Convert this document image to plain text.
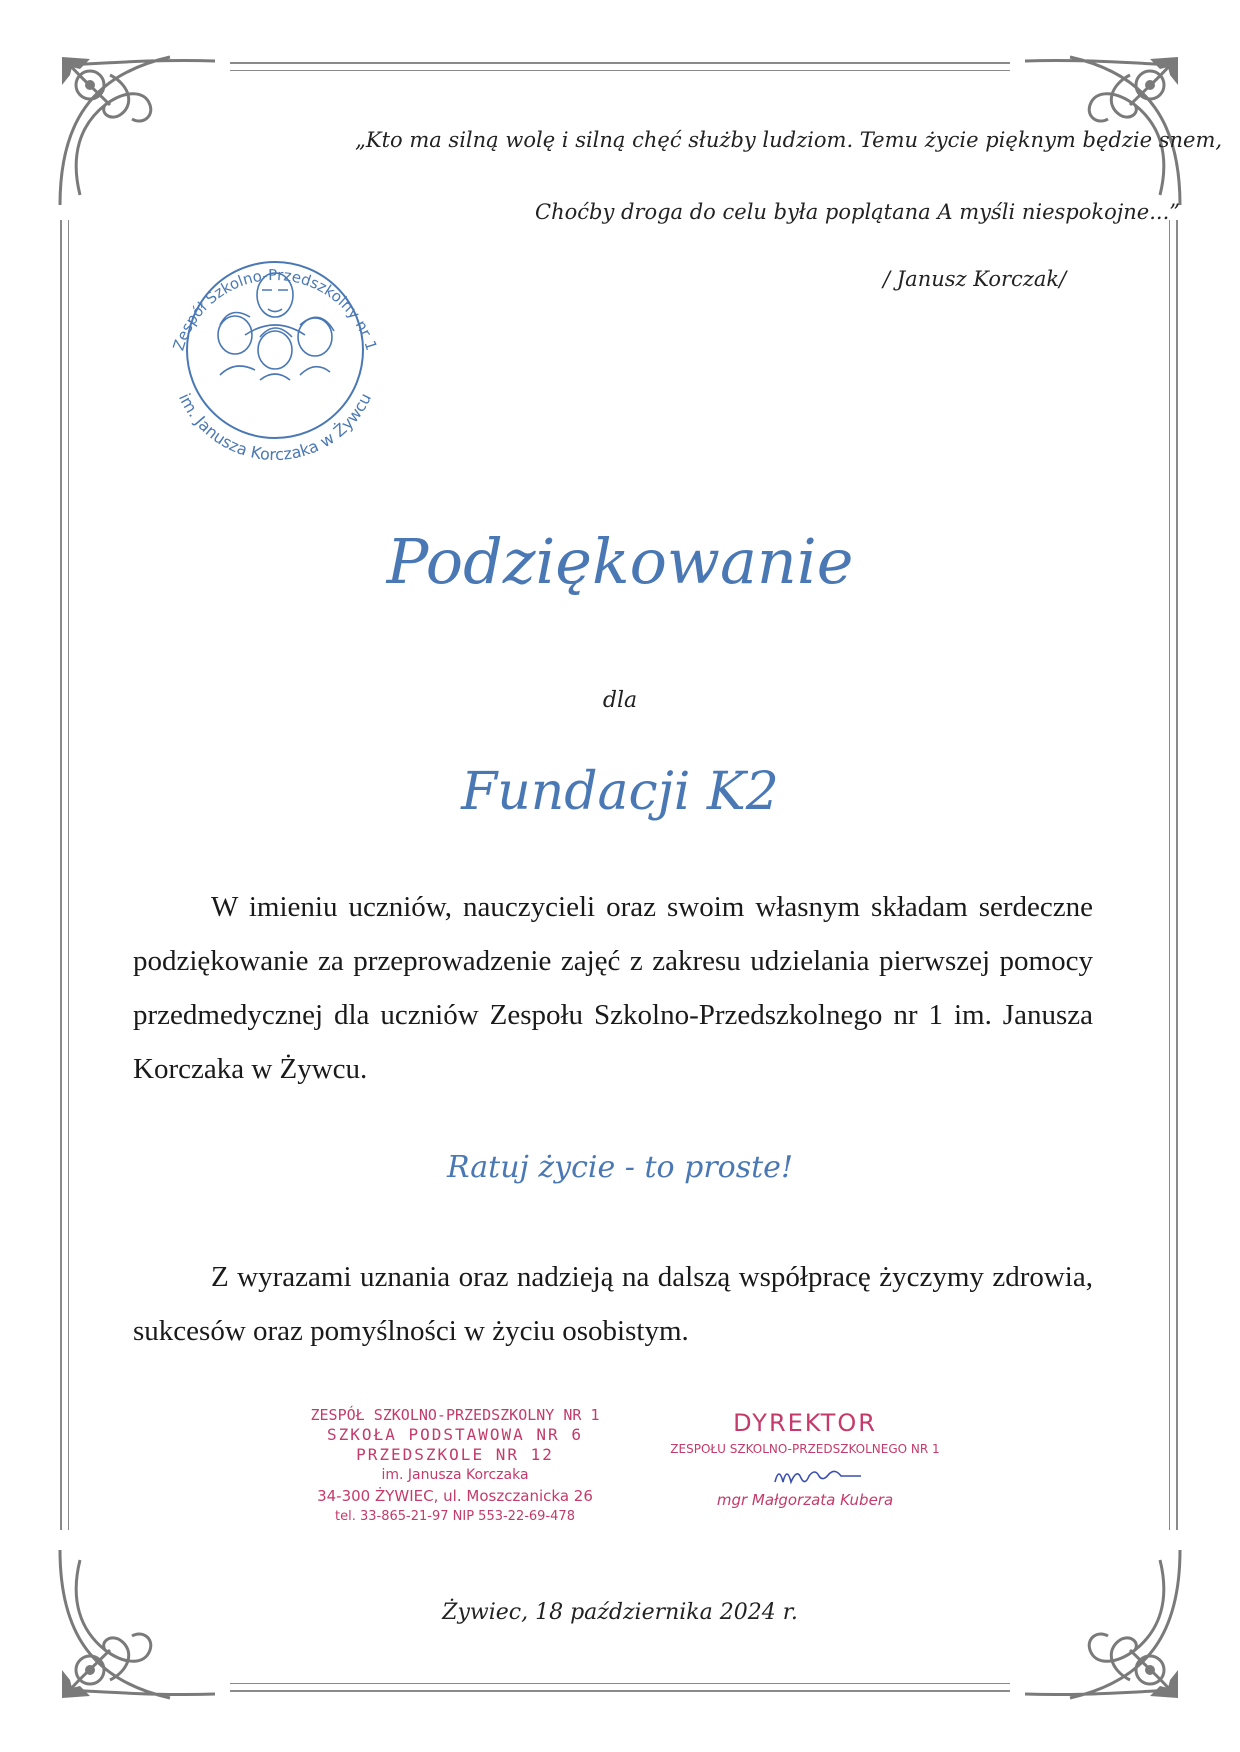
„Kto ma silną wolę i silną chęć służby ludziom. Temu życie pięknym będzie snem,
Choćby droga do celu była poplątana A myśli niespokojne...”
/ Janusz Korczak/
Zespół Szkolno-Przedszkolny nr 1
im. Janusza Korczaka w Żywcu
Podziękowanie
dla
Fundacji K2
W imieniu uczniów, nauczycieli oraz swoim własnym składam serdeczne podziękowanie za przeprowadzenie zajęć z zakresu udzielania pierwszej pomocy przedmedycznej dla uczniów Zespołu Szkolno-Przedszkolnego nr 1 im. Janusza Korczaka w Żywcu.
Ratuj życie - to proste!
Z wyrazami uznania oraz nadzieją na dalszą współpracę życzymy zdrowia, sukcesów oraz pomyślności w życiu osobistym.
ZESPÓŁ SZKOLNO-PRZEDSZKOLNY NR 1
SZKOŁA PODSTAWOWA NR 6
PRZEDSZKOLE NR 12
im. Janusza Korczaka
34-300 ŻYWIEC, ul. Moszczanicka 26
tel. 33-865-21-97 NIP 553-22-69-478
DYREKTOR
ZESPOŁU SZKOLNO-PRZEDSZKOLNEGO NR 1
mgr Małgorzata Kubera
Żywiec, 18 października 2024 r.
